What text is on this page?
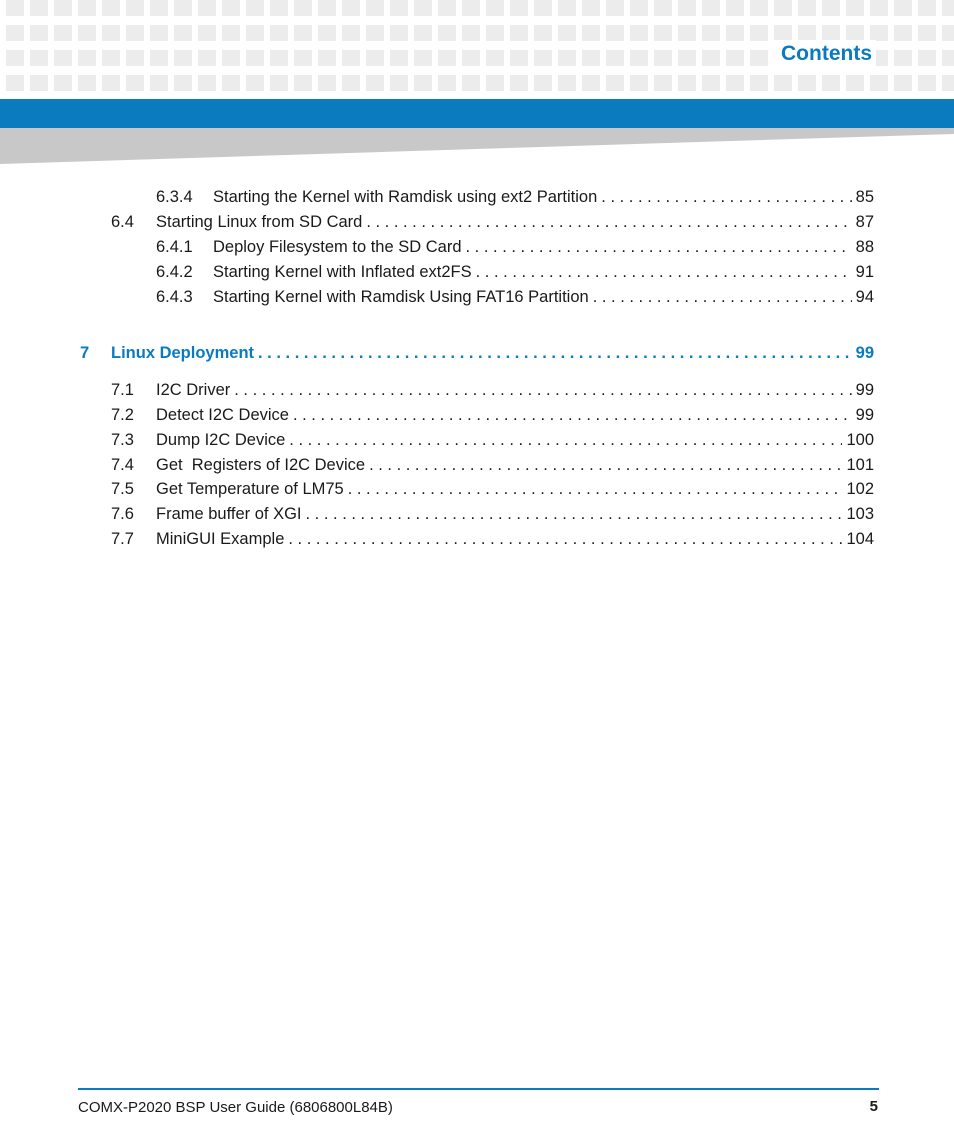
Contents
6.3.4	Starting the Kernel with Ramdisk using ext2 Partition . . .	85
6.4	Starting Linux from SD Card . . .	87
6.4.1	Deploy Filesystem to the SD Card . . .	88
6.4.2	Starting Kernel with Inflated ext2FS . . .	91
6.4.3	Starting Kernel with Ramdisk Using FAT16 Partition . . .	94
7	Linux Deployment . . .	99
7.1	I2C Driver . . .	99
7.2	Detect I2C Device . . .	99
7.3	Dump I2C Device . . .	100
7.4	Get  Registers of I2C Device . . .	101
7.5	Get Temperature of LM75 . . .	102
7.6	Frame buffer of XGI . . .	103
7.7	MiniGUI Example . . .	104
COMX-P2020 BSP User Guide (6806800L84B)	5
